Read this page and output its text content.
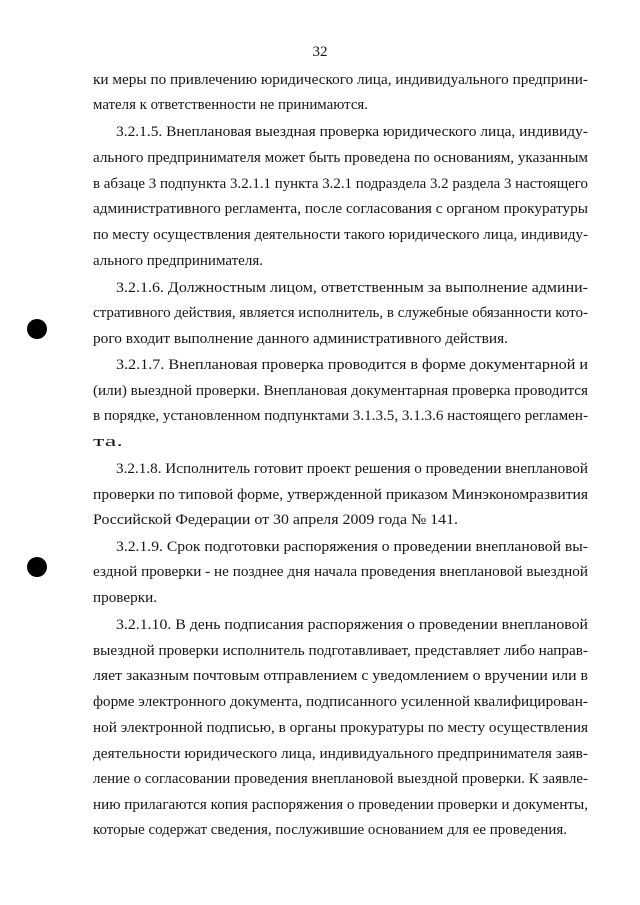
32
ки меры по привлечению юридического лица, индивидуального предприни-
мателя к ответственности не принимаются.
3.2.1.5. Внеплановая выездная проверка юридического лица, индивиду-
ального предпринимателя может быть проведена по основаниям, указанным
в абзаце 3 подпункта 3.2.1.1 пункта 3.2.1 подраздела 3.2 раздела 3 настоящего
административного регламента, после согласования с органом прокуратуры
по месту осуществления деятельности такого юридического лица, индивиду-
ального предпринимателя.
3.2.1.6. Должностным лицом, ответственным за выполнение админи-
стративного действия, является исполнитель, в служебные обязанности кото-
рого входит выполнение данного административного действия.
3.2.1.7. Внеплановая проверка проводится в форме документарной и
(или) выездной проверки. Внеплановая документарная проверка проводится
в порядке, установленном подпунктами 3.1.3.5, 3.1.3.6 настоящего регламен-
та.
3.2.1.8. Исполнитель готовит проект решения о проведении внеплановой
проверки по типовой форме, утвержденной приказом Минэкономразвития
Российской Федерации от 30 апреля 2009 года № 141.
3.2.1.9. Срок подготовки распоряжения о проведении внеплановой вы-
ездной проверки - не позднее дня начала проведения внеплановой выездной
проверки.
3.2.1.10. В день подписания распоряжения о проведении внеплановой
выездной проверки исполнитель подготавливает, представляет либо направ-
ляет заказным почтовым отправлением с уведомлением о вручении или в
форме электронного документа, подписанного усиленной квалифицирован-
ной электронной подписью, в органы прокуратуры по месту осуществления
деятельности юридического лица, индивидуального предпринимателя заяв-
ление о согласовании проведения внеплановой выездной проверки. К заявле-
нию прилагаются копия распоряжения о проведении проверки и документы,
которые содержат сведения, послужившие основанием для ее проведения.
